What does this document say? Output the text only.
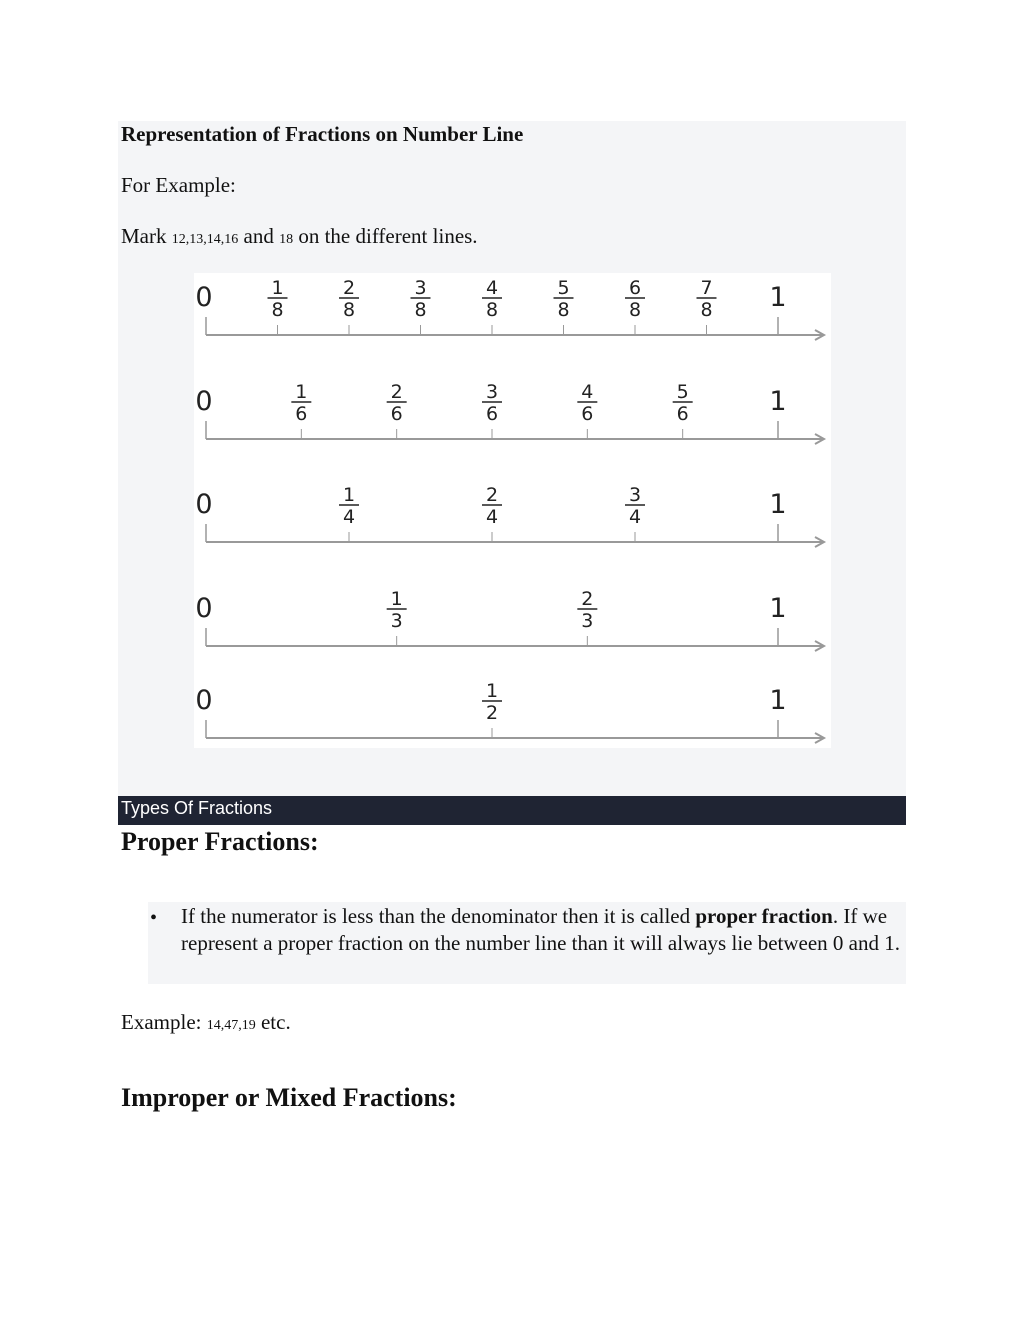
Representation of Fractions on Number Line

For Example:

Mark 12,13,14,16 and 18 on the different lines.

0	1
1
8
2
8
3
8
4
8
5
8
6
8
7
8
0	1
1
6
2
6
3
6
4
6
5
6
0	1
1
4
2
4
3
4
0	1
1
3
2
3
0	1
1
2
Types Of Fractions
Proper Fractions:
• If the numerator is less than the denominator then it is called proper fraction. If we represent a proper fraction on the number line than it will always lie between 0 and 1.

Example: 14,47,19 etc.

Improper or Mixed Fractions:
